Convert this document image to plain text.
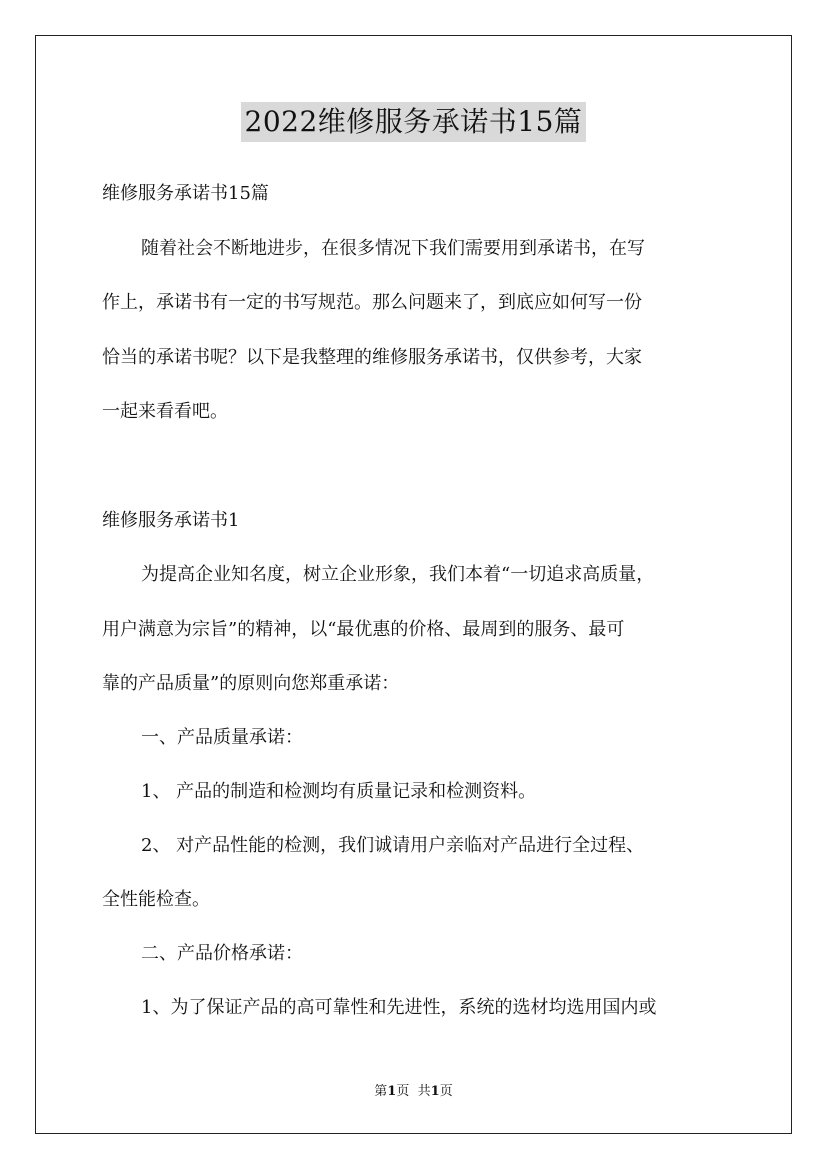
2022维修服务承诺书15篇

维修服务承诺书15篇

随着社会不断地进步，在很多情况下我们需要用到承诺书，在写

作上，承诺书有一定的书写规范。那么问题来了，到底应如何写一份

恰当的承诺书呢？以下是我整理的维修服务承诺书，仅供参考，大家

一起来看看吧。

维修服务承诺书1

为提高企业知名度，树立企业形象，我们本着“一切追求高质量，

用户满意为宗旨”的精神，以“最优惠的价格、最周到的服务、最可

靠的产品质量”的原则向您郑重承诺：

一、产品质量承诺：

1、 产品的制造和检测均有质量记录和检测资料。

2、 对产品性能的检测，我们诚请用户亲临对产品进行全过程、

全性能检查。

二、产品价格承诺：

1、为了保证产品的高可靠性和先进性，系统的选材均选用国内或

第1页 共1页
